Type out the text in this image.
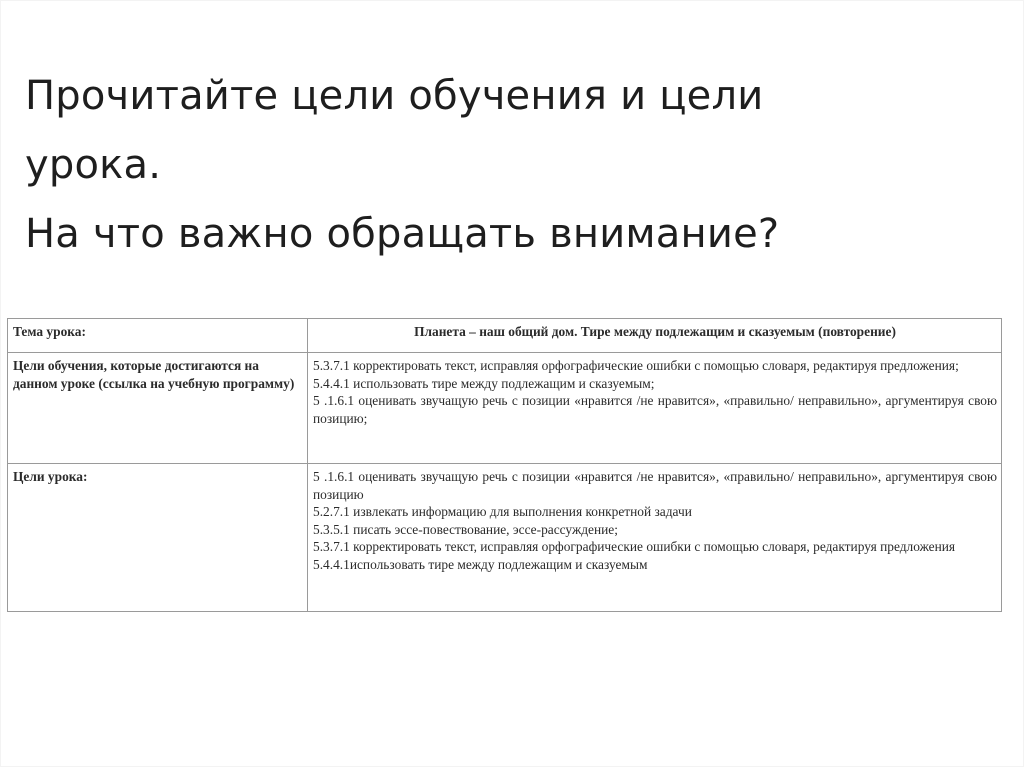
Прочитайте цели обучения и цели
урока.
На что важно обращать внимание?
Тема урока:	Планета – наш общий дом. Тире между подлежащим и сказуемым (повторение)
Цели обучения, которые достигаются на данном уроке (ссылка на учебную программу)	5.3.7.1 корректировать текст, исправляя орфографические ошибки с помощью словаря, редактируя предложения;
5.4.4.1 использовать тире между подлежащим и сказуемым;
5 .1.6.1 оценивать звучащую речь с позиции «нравится /не нравится», «правильно/ неправильно», аргументируя свою позицию;

Цели урока:	5 .1.6.1 оценивать звучащую речь с позиции «нравится /не нравится», «правильно/ неправильно», аргументируя свою позицию
5.2.7.1 извлекать информацию для выполнения конкретной задачи
5.3.5.1 писать эссе-повествование, эссе-рассуждение;
5.3.7.1 корректировать текст, исправляя орфографические ошибки с помощью словаря, редактируя предложения
5.4.4.1использовать тире между подлежащим и сказуемым
